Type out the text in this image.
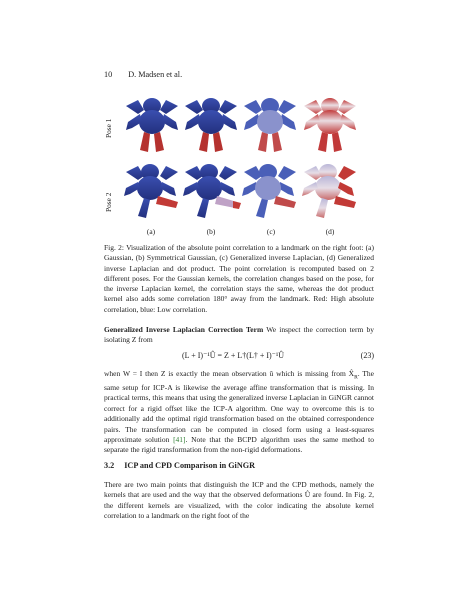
10 D. Madsen et al.
Pose 1
Pose 2
(a)	(b)	(c)	(d)
Fig. 2: Visualization of the absolute point correlation to a landmark on the right foot: (a) Gaussian, (b) Symmetrical Gaussian, (c) Generalized inverse Laplacian, (d) Generalized inverse Laplacian and dot product. The point correlation is recomputed based on 2 different poses. For the Gaussian kernels, the correlation changes based on the pose, for the inverse Laplacian kernel, the correlation stays the same, whereas the dot product kernel also adds some correlation 180° away from the landmark. Red: High absolute correlation, blue: Low correlation.
Generalized Inverse Laplacian Correction Term We inspect the correction term by isolating Z from
(L + I)⁻¹Û = Z + L†(L† + I)⁻¹Û	(23)
when W = I then Z is exactly the mean observation û which is missing from $X̂_R$. The same setup for ICP-A is likewise the average affine transformation that is missing. In practical terms, this means that using the generalized inverse Laplacian in GiNGR cannot correct for a rigid offset like the ICP-A algorithm. One way to overcome this is to additionally add the optimal rigid transformation based on the obtained correspondence pairs. The transformation can be computed in closed form using a least-squares approximate solution [41]. Note that the BCPD algorithm uses the same method to separate the rigid transformation from the non-rigid deformations.
3.2 ICP and CPD Comparison in GiNGR
There are two main points that distinguish the ICP and the CPD methods, namely the kernels that are used and the way that the observed deformations Û are found. In Fig. 2, the different kernels are visualized, with the color indicating the absolute kernel correlation to a landmark on the right foot of the
